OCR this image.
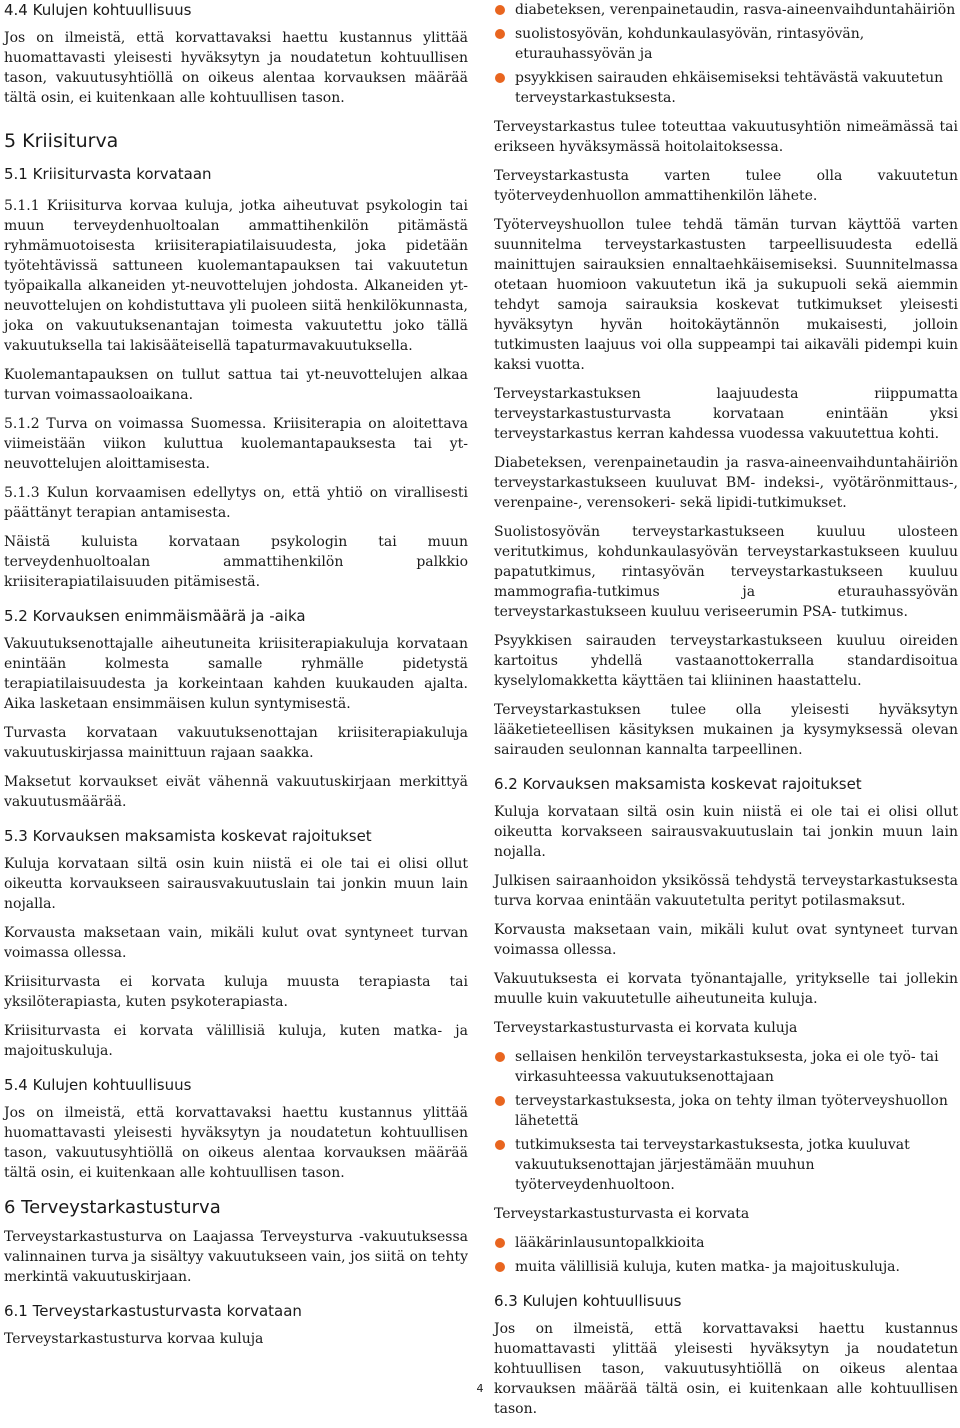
4.4 Kulujen kohtuullisuus

Jos on ilmeistä, että korvattavaksi haettu kustannus ylittää huomattavasti yleisesti hyväksytyn ja noudatetun kohtuullisen tason, vakuutusyhtiöllä on oikeus alentaa korvauksen määrää tältä osin, ei kuitenkaan alle kohtuullisen tason.

5 Kriisiturva
5.1 Kriisiturvasta korvataan

5.1.1 Kriisiturva korvaa kuluja, jotka aiheutuvat psykologin tai muun terveydenhuoltoalan ammattihenkilön pitämästä ryhmämuotoisesta kriisiterapiatilaisuudesta, joka pidetään työtehtävissä sattuneen kuolemantapauksen tai vakuutetun työpaikalla alkaneiden yt-neuvottelujen johdosta. Alkaneiden yt-neuvottelujen on kohdistuttava yli puoleen siitä henkilökunnasta, joka on vakuutuksenantajan toimesta vakuutettu joko tällä vakuutuksella tai lakisääteisellä tapaturmavakuutuksella.

Kuolemantapauksen on tullut sattua tai yt-neuvottelujen alkaa turvan voimassaoloaikana.

5.1.2 Turva on voimassa Suomessa. Kriisiterapia on aloitettava viimeistään viikon kuluttua kuolemantapauksesta tai yt-neuvottelujen aloittamisesta.

5.1.3 Kulun korvaamisen edellytys on, että yhtiö on virallisesti päättänyt terapian antamisesta.

Näistä kuluista korvataan psykologin tai muun terveydenhuoltoalan ammattihenkilön palkkio kriisiterapiatilaisuuden pitämisestä.

5.2 Korvauksen enimmäismäärä ja -aika

Vakuutuksenottajalle aiheutuneita kriisiterapiakuluja korvataan enintään kolmesta samalle ryhmälle pidetystä terapiatilaisuudesta ja korkeintaan kahden kuukauden ajalta. Aika lasketaan ensimmäisen kulun syntymisestä.

Turvasta korvataan vakuutuksenottajan kriisiterapiakuluja vakuutuskirjassa mainittuun rajaan saakka.

Maksetut korvaukset eivät vähennä vakuutuskirjaan merkittyä vakuutusmäärää.

5.3 Korvauksen maksamista koskevat rajoitukset

Kuluja korvataan siltä osin kuin niistä ei ole tai ei olisi ollut oikeutta korvaukseen sairausvakuutuslain tai jonkin muun lain nojalla.

Korvausta maksetaan vain, mikäli kulut ovat syntyneet turvan voimassa ollessa.

Kriisiturvasta ei korvata kuluja muusta terapiasta tai yksilöterapiasta, kuten psykoterapiasta.

Kriisiturvasta ei korvata välillisiä kuluja, kuten matka- ja majoituskuluja.

5.4 Kulujen kohtuullisuus

Jos on ilmeistä, että korvattavaksi haettu kustannus ylittää huomattavasti yleisesti hyväksytyn ja noudatetun kohtuullisen tason, vakuutusyhtiöllä on oikeus alentaa korvauksen määrää tältä osin, ei kuitenkaan alle kohtuullisen tason.

6 Terveystarkastusturva

Terveystarkastusturva on Laajassa Terveysturva -vakuutuksessa valinnainen turva ja sisältyy vakuutukseen vain, jos siitä on tehty merkintä vakuutuskirjaan.

6.1 Terveystarkastusturvasta korvataan

Terveystarkastusturva korvaa kuluja

diabeteksen, verenpainetaudin, rasva-aineenvaihduntahäiriön
suolistosyövän, kohdunkaulasyövän, rintasyövän, eturauhassyövän ja
psyykkisen sairauden ehkäisemiseksi tehtävästä vakuutetun terveystarkastuksesta.

Terveystarkastus tulee toteuttaa vakuutusyhtiön nimeämässä tai erikseen hyväksymässä hoitolaitoksessa.

Terveystarkastusta varten tulee olla vakuutetun työterveydenhuollon ammattihenkilön lähete.

Työterveyshuollon tulee tehdä tämän turvan käyttöä varten suunnitelma terveystarkastusten tarpeellisuudesta edellä mainittujen sairauksien ennaltaehkäisemiseksi. Suunnitelmassa otetaan huomioon vakuutetun ikä ja sukupuoli sekä aiemmin tehdyt samoja sairauksia koskevat tutkimukset yleisesti hyväksytyn hyvän hoitokäytännön mukaisesti, jolloin tutkimusten laajuus voi olla suppeampi tai aikaväli pidempi kuin kaksi vuotta.

Terveystarkastuksen laajuudesta riippumatta terveystarkastusturvasta korvataan enintään yksi terveystarkastus kerran kahdessa vuodessa vakuutettua kohti.

Diabeteksen, verenpainetaudin ja rasva-aineenvaihduntahäiriön terveystarkastukseen kuuluvat BM- indeksi-, vyötärönmittaus-, verenpaine-, verensokeri- sekä lipidi-tutkimukset.

Suolistosyövän terveystarkastukseen kuuluu ulosteen veritutkimus, kohdunkaulasyövän terveystarkastukseen kuuluu papatutkimus, rintasyövän terveystarkastukseen kuuluu mammografia-tutkimus ja eturauhassyövän terveystarkastukseen kuuluu veriseerumin PSA- tutkimus.

Psyykkisen sairauden terveystarkastukseen kuuluu oireiden kartoitus yhdellä vastaanottokerralla standardisoitua kyselylomakketta käyttäen tai kliininen haastattelu.

Terveystarkastuksen tulee olla yleisesti hyväksytyn lääketieteellisen käsityksen mukainen ja kysymyksessä olevan sairauden seulonnan kannalta tarpeellinen.

6.2 Korvauksen maksamista koskevat rajoitukset

Kuluja korvataan siltä osin kuin niistä ei ole tai ei olisi ollut oikeutta korvakseen sairausvakuutuslain tai jonkin muun lain nojalla.

Julkisen sairaanhoidon yksikössä tehdystä terveystarkastuksesta turva korvaa enintään vakuutetulta perityt potilasmaksut.

Korvausta maksetaan vain, mikäli kulut ovat syntyneet turvan voimassa ollessa.

Vakuutuksesta ei korvata työnantajalle, yritykselle tai jollekin muulle kuin vakuutetulle aiheutuneita kuluja.

Terveystarkastusturvasta ei korvata kuluja

sellaisen henkilön terveystarkastuksesta, joka ei ole työ- tai virkasuhteessa vakuutuksenottajaan
terveystarkastuksesta, joka on tehty ilman työterveyshuollon lähetettä
tutkimuksesta tai terveystarkastuksesta, jotka kuuluvat vakuutuksenottajan järjestämään muuhun työterveydenhuoltoon.

Terveystarkastusturvasta ei korvata

lääkärinlausuntopalkkioita
muita välillisiä kuluja, kuten matka- ja majoituskuluja.
6.3 Kulujen kohtuullisuus

Jos on ilmeistä, että korvattavaksi haettu kustannus huomattavasti ylittää yleisesti hyväksytyn ja noudatetun kohtuullisen tason, vakuutusyhtiöllä on oikeus alentaa korvauksen määrää tältä osin, ei kuitenkaan alle kohtuullisen tason.

4
